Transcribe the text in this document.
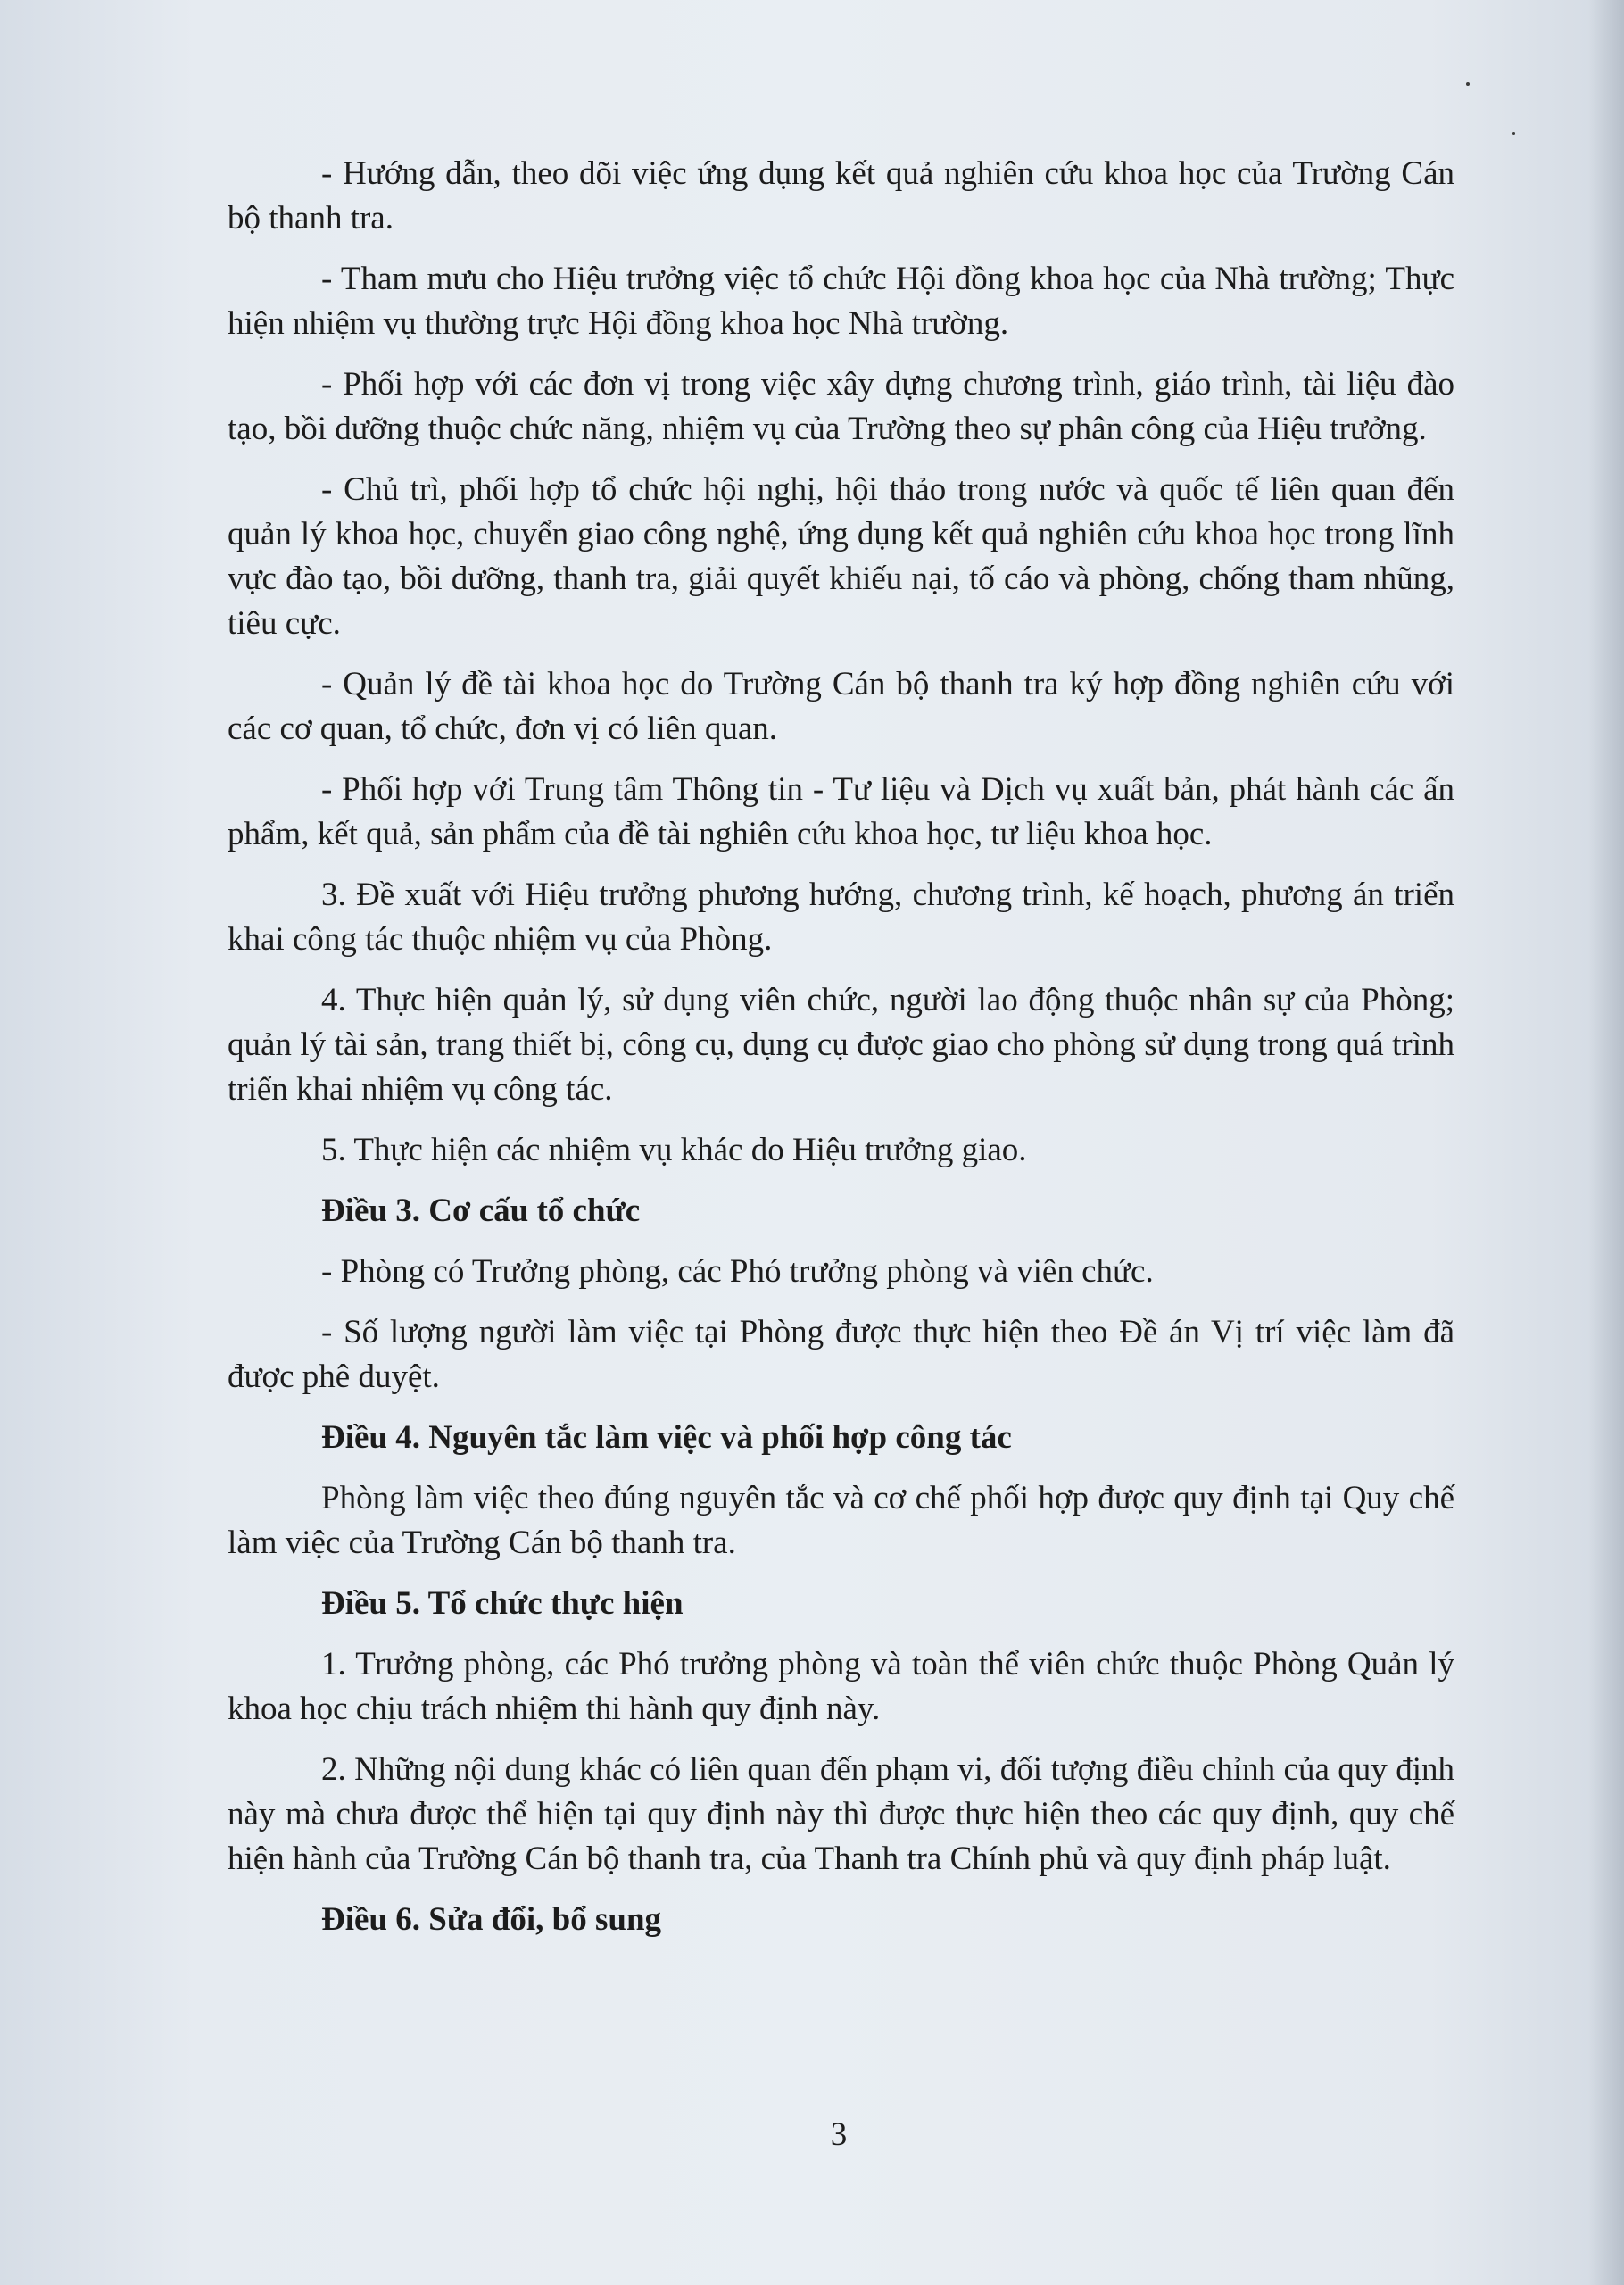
- Hướng dẫn, theo dõi việc ứng dụng kết quả nghiên cứu khoa học của Trường Cán bộ thanh tra.

- Tham mưu cho Hiệu trưởng việc tổ chức Hội đồng khoa học của Nhà trường; Thực hiện nhiệm vụ thường trực Hội đồng khoa học Nhà trường.

- Phối hợp với các đơn vị trong việc xây dựng chương trình, giáo trình, tài liệu đào tạo, bồi dưỡng thuộc chức năng, nhiệm vụ của Trường theo sự phân công của Hiệu trưởng.

- Chủ trì, phối hợp tổ chức hội nghị, hội thảo trong nước và quốc tế liên quan đến quản lý khoa học, chuyển giao công nghệ, ứng dụng kết quả nghiên cứu khoa học trong lĩnh vực đào tạo, bồi dưỡng, thanh tra, giải quyết khiếu nại, tố cáo và phòng, chống tham nhũng, tiêu cực.

- Quản lý đề tài khoa học do Trường Cán bộ thanh tra ký hợp đồng nghiên cứu với các cơ quan, tổ chức, đơn vị có liên quan.

- Phối hợp với Trung tâm Thông tin - Tư liệu và Dịch vụ xuất bản, phát hành các ấn phẩm, kết quả, sản phẩm của đề tài nghiên cứu khoa học, tư liệu khoa học.

3. Đề xuất với Hiệu trưởng phương hướng, chương trình, kế hoạch, phương án triển khai công tác thuộc nhiệm vụ của Phòng.

4. Thực hiện quản lý, sử dụng viên chức, người lao động thuộc nhân sự của Phòng; quản lý tài sản, trang thiết bị, công cụ, dụng cụ được giao cho phòng sử dụng trong quá trình triển khai nhiệm vụ công tác.

5. Thực hiện các nhiệm vụ khác do Hiệu trưởng giao.

Điều 3. Cơ cấu tổ chức

- Phòng có Trưởng phòng, các Phó trưởng phòng và viên chức.

- Số lượng người làm việc tại Phòng được thực hiện theo Đề án Vị trí việc làm đã được phê duyệt.

Điều 4. Nguyên tắc làm việc và phối hợp công tác

Phòng làm việc theo đúng nguyên tắc và cơ chế phối hợp được quy định tại Quy chế làm việc của Trường Cán bộ thanh tra.

Điều 5. Tổ chức thực hiện

1. Trưởng phòng, các Phó trưởng phòng và toàn thể viên chức thuộc Phòng Quản lý khoa học chịu trách nhiệm thi hành quy định này.

2. Những nội dung khác có liên quan đến phạm vi, đối tượng điều chỉnh của quy định này mà chưa được thể hiện tại quy định này thì được thực hiện theo các quy định, quy chế hiện hành của Trường Cán bộ thanh tra, của Thanh tra Chính phủ và quy định pháp luật.

Điều 6. Sửa đổi, bổ sung

3
